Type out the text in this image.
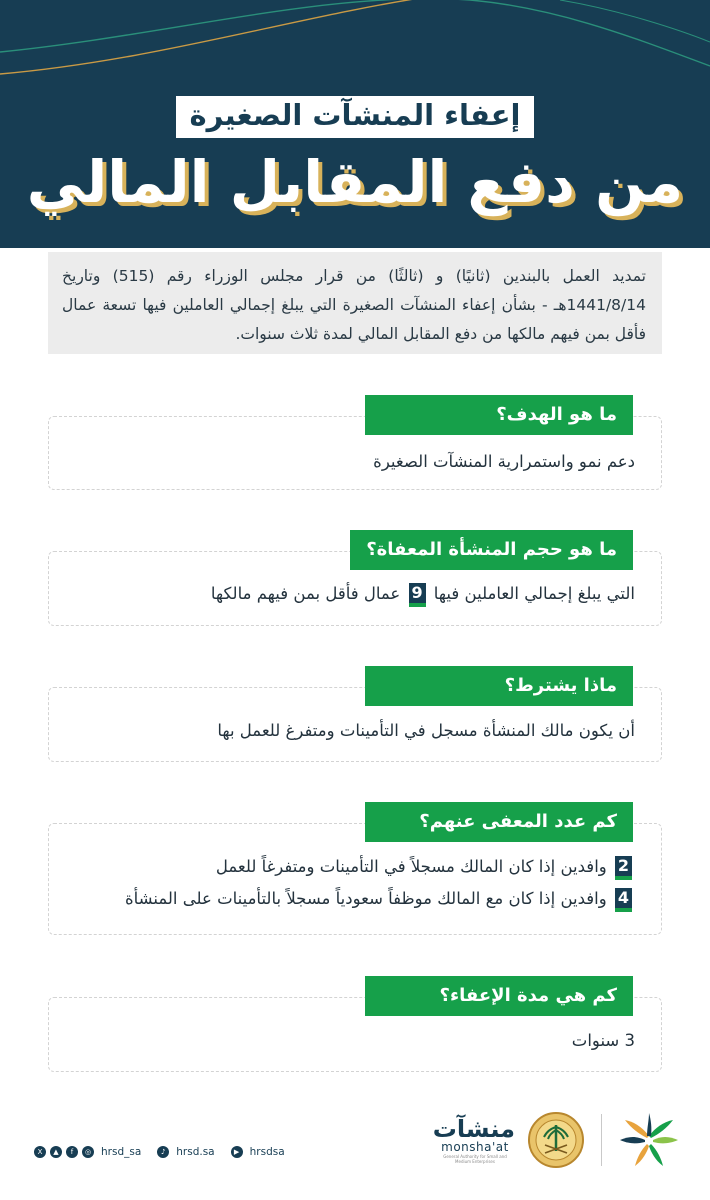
إعفاء المنشآت الصغيرة
من دفع المقابل المالي
تمديد العمل بالبندين (ثانيًا) و (ثالثًا) من قرار مجلس الوزراء رقم (515) وتاريخ 1441/8/14هـ - بشأن إعفاء المنشآت الصغيرة التي يبلغ إجمالي العاملين فيها تسعة عمال فأقل بمن فيهم مالكها من دفع المقابل المالي لمدة ثلاث سنوات.
ما هو الهدف؟
دعم نمو واستمرارية المنشآت الصغيرة
ما هو حجم المنشأة المعفاة؟
التي يبلغ إجمالي العاملين فيها 9 عمال فأقل بمن فيهم مالكها
ماذا يشترط؟
أن يكون مالك المنشأة مسجل في التأمينات ومتفرغ للعمل بها
كم عدد المعفى عنهم؟
2 وافدين إذا كان المالك مسجلاً في التأمينات ومتفرغاً للعمل
4 وافدين إذا كان مع المالك موظفاً سعودياً مسجلاً بالتأمينات على المنشأة
كم هي مدة الإعفاء؟
3 سنوات
X	▲	f	◎ hrsd_sa	♪	hrsd.sa	▶ hrsdsa
منشآت
monsha'at
General Authority for Small and Medium Enterprises
